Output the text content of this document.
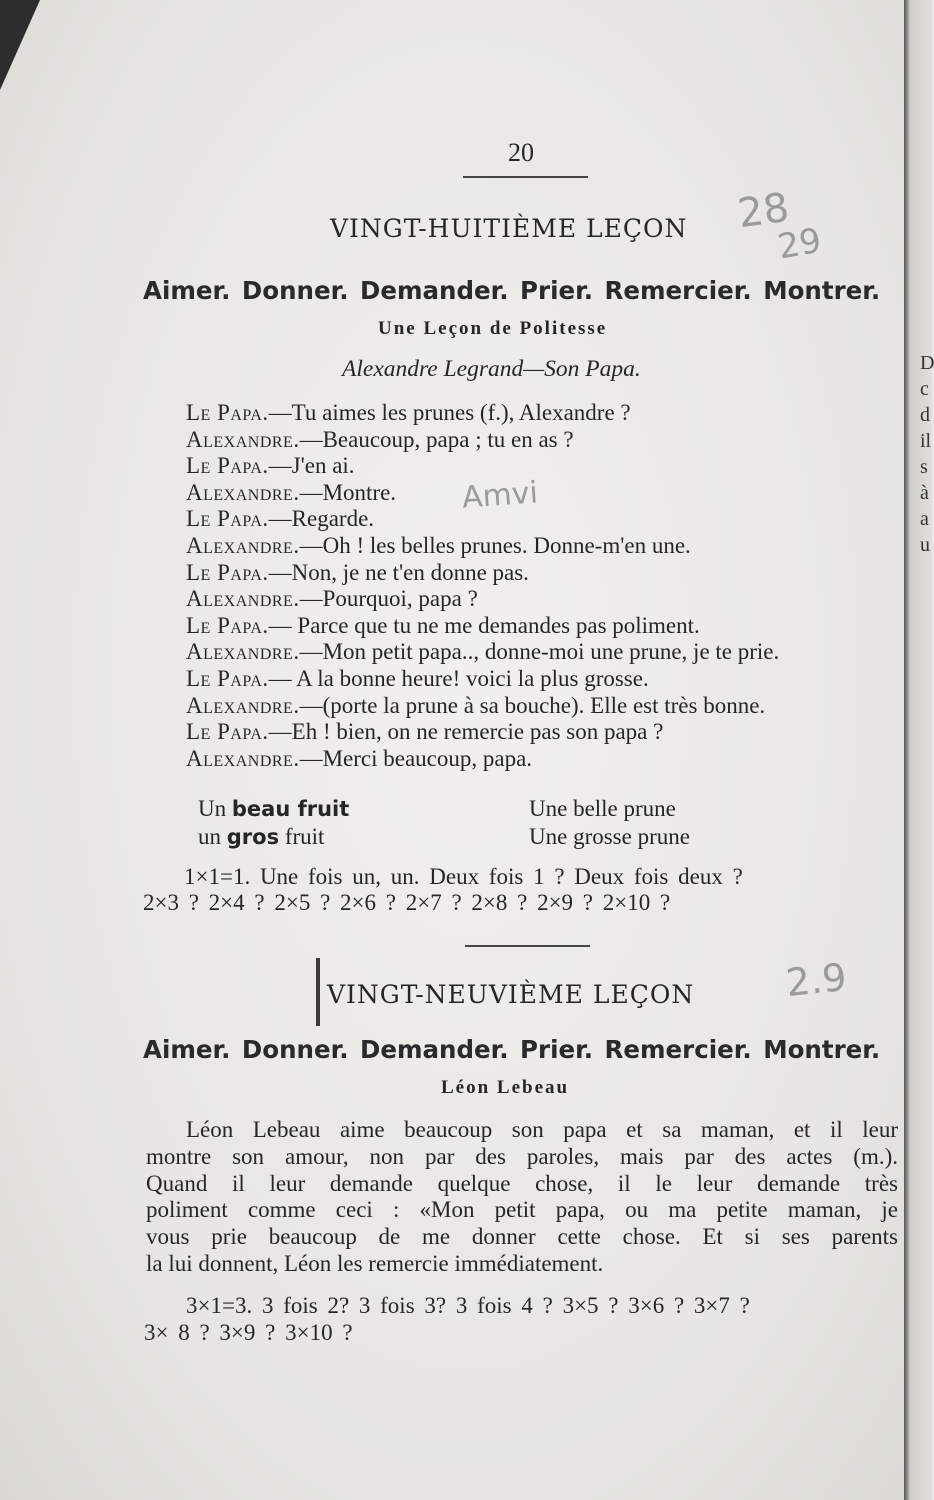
20
VINGT-HUITIÈME LEÇON
Aimer. Donner. Demander. Prier. Remercier. Montrer.
Une Leçon de Politesse
Alexandre Legrand—Son Papa.
Le Papa.—Tu aimes les prunes (f.), Alexandre ?
Alexandre.—Beaucoup, papa ; tu en as ?
Le Papa.—J'en ai.
Alexandre.—Montre.
Le Papa.—Regarde.
Alexandre.—Oh ! les belles prunes. Donne-m'en une.
Le Papa.—Non, je ne t'en donne pas.
Alexandre.—Pourquoi, papa ?
Le Papa.— Parce que tu ne me demandes pas poliment.
Alexandre.—Mon petit papa.., donne-moi une prune, je te prie.
Le Papa.— A la bonne heure! voici la plus grosse.
Alexandre.—(porte la prune à sa bouche). Elle est très bonne.
Le Papa.—Eh ! bien, on ne remercie pas son papa ?
Alexandre.—Merci beaucoup, papa.
Un beau fruit
un gros fruit
Une belle prune
Une grosse prune
1×1=1. Une fois un, un. Deux fois 1 ? Deux fois deux ?
2×3 ? 2×4 ? 2×5 ? 2×6 ? 2×7 ? 2×8 ? 2×9 ? 2×10 ?
VINGT-NEUVIÈME LEÇON
Aimer. Donner. Demander. Prier. Remercier. Montrer.
Léon Lebeau
Léon Lebeau aime beaucoup son papa et sa maman, et il leur
montre son amour, non par des paroles, mais par des actes (m.).
Quand il leur demande quelque chose, il le leur demande très
poliment comme ceci : «Mon petit papa, ou ma petite maman, je
vous prie beaucoup de me donner cette chose. Et si ses parents
la lui donnent, Léon les remercie immédiatement.
3×1=3. 3 fois 2? 3 fois 3? 3 fois 4 ? 3×5 ? 3×6 ? 3×7 ?
3× 8 ? 3×9 ? 3×10 ?
D
c
d
il
s
à
a
u
28
29
Amvi
2.9
